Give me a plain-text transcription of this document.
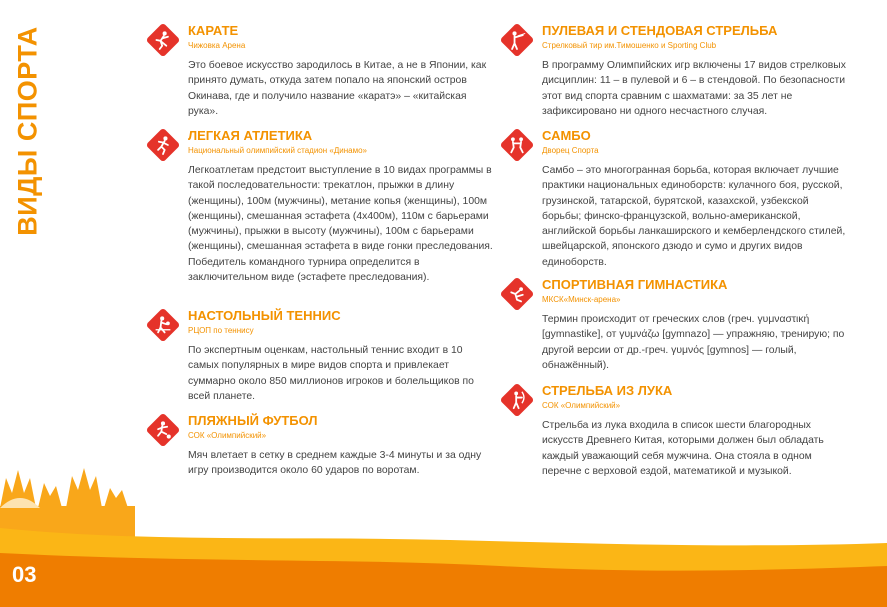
ВИДЫ СПОРТА	КАРАТЕ
Чижовка Арена
Это боевое искусство зародилось в Китае, а не в Японии, как принято думать, откуда затем попало на японский остров Окинава, где и получило название «каратэ» – «китайская рука».
ЛЕГКАЯ АТЛЕТИКА
Национальный олимпийский стадион «Динамо»
Легкоатлетам предстоит выступление в 10 видах программы в такой последовательности: трекатлон, прыжки в длину (женщины), 100м (мужчины), метание копья (женщины), 100м (женщины), смешанная эстафета (4х400м), 110м с барьерами (мужчины), прыжки в высоту (мужчины), 100м с барьерами (женщины), смешанная эстафета в виде гонки преследования. Победитель командного турнира определится в заключительном виде (эстафете преследования).
НАСТОЛЬНЫЙ ТЕННИС
РЦОП по теннису
По экспертным оценкам, настольный теннис входит в 10 самых популярных в мире видов спорта и привлекает суммарно около 850 миллионов игроков и болельщиков по всей планете.
ПЛЯЖНЫЙ ФУТБОЛ
СОК «Олимпийский»
Мяч влетает в сетку в среднем каждые 3-4 минуты и за одну игру производится около 60 ударов по воротам.
ПУЛЕВАЯ И СТЕНДОВАЯ СТРЕЛЬБА
Стрелковый тир им.Тимошенко и Sporting Club
В программу Олимпийских игр включены 17 видов стрелковых дисциплин: 11 – в пулевой и 6 – в стендовой. По безопасности этот вид спорта сравним с шахматами: за 35 лет не зафиксировано ни одного несчастного случая.
САМБО
Дворец Спорта
Самбо – это многогранная борьба, которая включает лучшие практики национальных единоборств: кулачного боя, русской, грузинской, татарской, бурятской, казахской, узбекской борьбы; финско-французской, вольно-американской, английской борьбы ланкаширского и кемберлендского стилей, швейцарской, японского дзюдо и сумо и других видов единоборств.
СПОРТИВНАЯ ГИМНАСТИКА
МКСК«Минск-арена»
Термин происходит от греческих слов (греч. γυμναστική [gymnastike], от γυμνάζω [gymnazo] — упражняю, тренирую; по другой версии от др.-греч. γυμνός [gymnos] — голый, обнажённый).
СТРЕЛЬБА ИЗ ЛУКА
СОК «Олимпийский»
Стрельба из лука входила в список шести благородных искусств Древнего Китая, которыми должен был обладать каждый уважающий себя мужчина. Она стояла в одном перечне с верховой ездой, математикой и музыкой.
03
